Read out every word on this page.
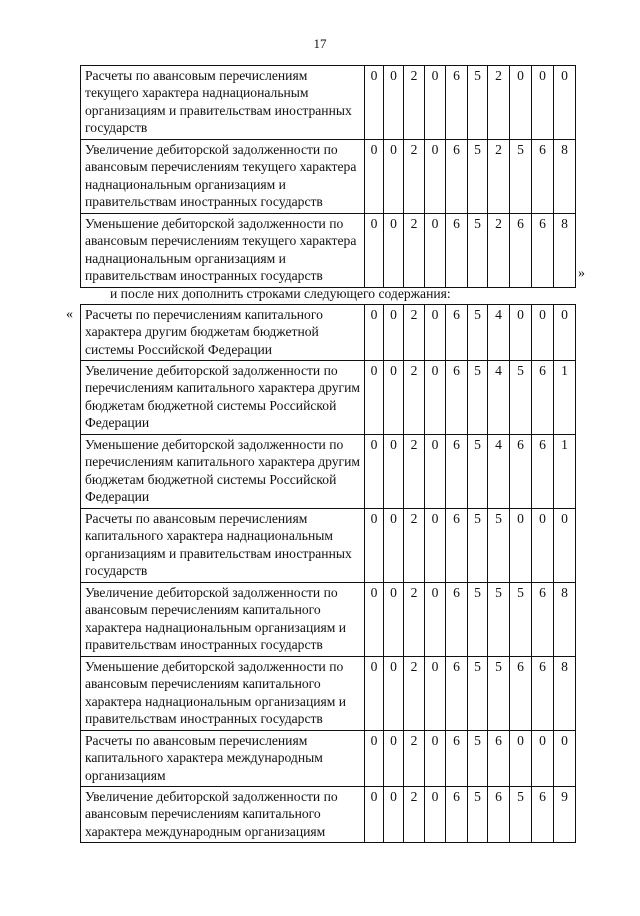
17
Расчеты по авансовым перечислениям текущего характера наднациональным организациям и правительствам иностранных государств	0	0	2	0	6	5	2	0	0	0
Увеличение дебиторской задолженности по авансовым перечислениям текущего характера наднациональным организациям и правительствам иностранных государств	0	0	2	0	6	5	2	5	6	8
Уменьшение дебиторской задолженности по авансовым перечислениям текущего характера наднациональным организациям и правительствам иностранных государств	0	0	2	0	6	5	2	6	6	8
»
и после них дополнить строками следующего содержания:
« Расчеты по перечислениям капитального характера другим бюджетам бюджетной системы Российской Федерации	0	0	2	0	6	5	4	0	0	0
Увеличение дебиторской задолженности по перечислениям капитального характера другим бюджетам бюджетной системы Российской Федерации	0	0	2	0	6	5	4	5	6	1
Уменьшение дебиторской задолженности по перечислениям капитального характера другим бюджетам бюджетной системы Российской Федерации	0	0	2	0	6	5	4	6	6	1
Расчеты по авансовым перечислениям капитального характера наднациональным организациям и правительствам иностранных государств	0	0	2	0	6	5	5	0	0	0
Увеличение дебиторской задолженности по авансовым перечислениям капитального характера наднациональным организациям и правительствам иностранных государств	0	0	2	0	6	5	5	5	6	8
Уменьшение дебиторской задолженности по авансовым перечислениям капитального характера наднациональным организациям и правительствам иностранных государств	0	0	2	0	6	5	5	6	6	8
Расчеты по авансовым перечислениям капитального характера международным организациям	0	0	2	0	6	5	6	0	0	0
Увеличение дебиторской задолженности по авансовым перечислениям капитального характера международным организациям	0	0	2	0	6	5	6	5	6	9
